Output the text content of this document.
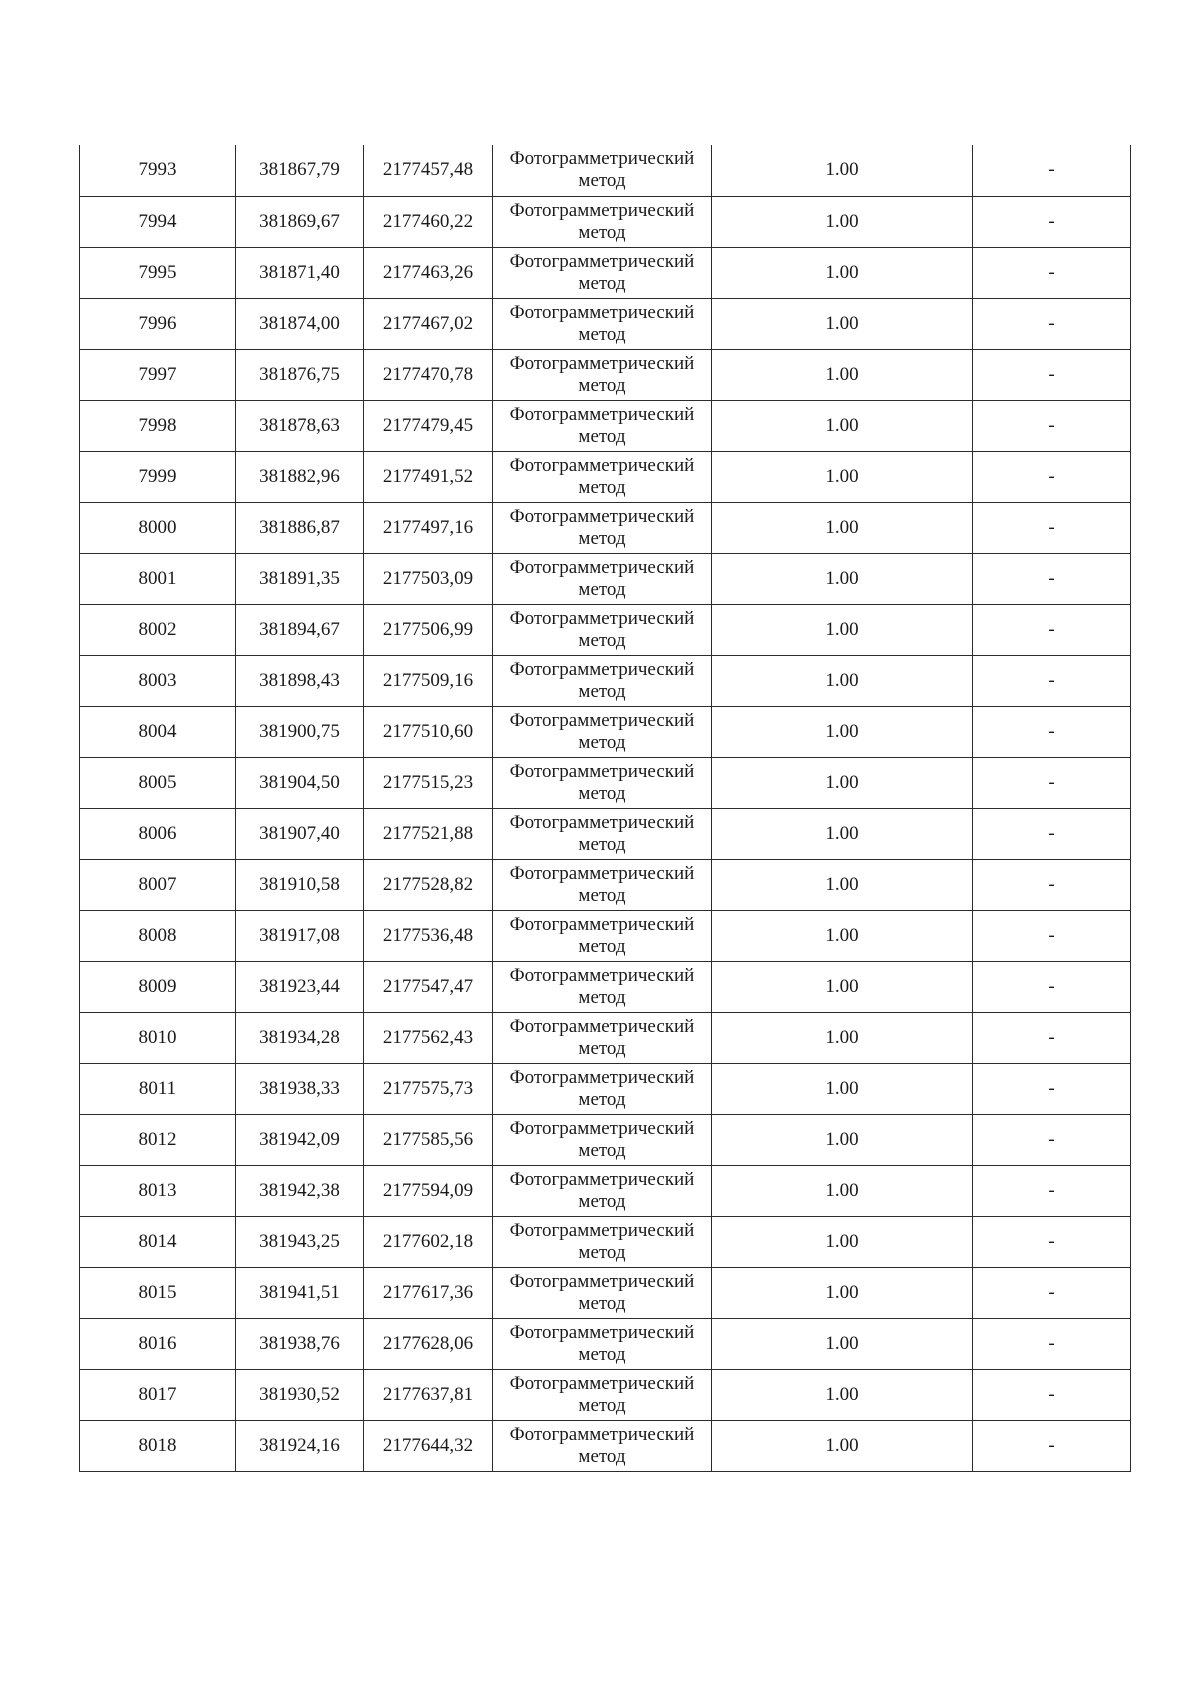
7993	381867,79	2177457,48	Фотограмметрический метод	1.00	-
7994	381869,67	2177460,22	Фотограмметрический метод	1.00	-
7995	381871,40	2177463,26	Фотограмметрический метод	1.00	-
7996	381874,00	2177467,02	Фотограмметрический метод	1.00	-
7997	381876,75	2177470,78	Фотограмметрический метод	1.00	-
7998	381878,63	2177479,45	Фотограмметрический метод	1.00	-
7999	381882,96	2177491,52	Фотограмметрический метод	1.00	-
8000	381886,87	2177497,16	Фотограмметрический метод	1.00	-
8001	381891,35	2177503,09	Фотограмметрический метод	1.00	-
8002	381894,67	2177506,99	Фотограмметрический метод	1.00	-
8003	381898,43	2177509,16	Фотограмметрический метод	1.00	-
8004	381900,75	2177510,60	Фотограмметрический метод	1.00	-
8005	381904,50	2177515,23	Фотограмметрический метод	1.00	-
8006	381907,40	2177521,88	Фотограмметрический метод	1.00	-
8007	381910,58	2177528,82	Фотограмметрический метод	1.00	-
8008	381917,08	2177536,48	Фотограмметрический метод	1.00	-
8009	381923,44	2177547,47	Фотограмметрический метод	1.00	-
8010	381934,28	2177562,43	Фотограмметрический метод	1.00	-
8011	381938,33	2177575,73	Фотограмметрический метод	1.00	-
8012	381942,09	2177585,56	Фотограмметрический метод	1.00	-
8013	381942,38	2177594,09	Фотограмметрический метод	1.00	-
8014	381943,25	2177602,18	Фотограмметрический метод	1.00	-
8015	381941,51	2177617,36	Фотограмметрический метод	1.00	-
8016	381938,76	2177628,06	Фотограмметрический метод	1.00	-
8017	381930,52	2177637,81	Фотограмметрический метод	1.00	-
8018	381924,16	2177644,32	Фотограмметрический метод	1.00	-
